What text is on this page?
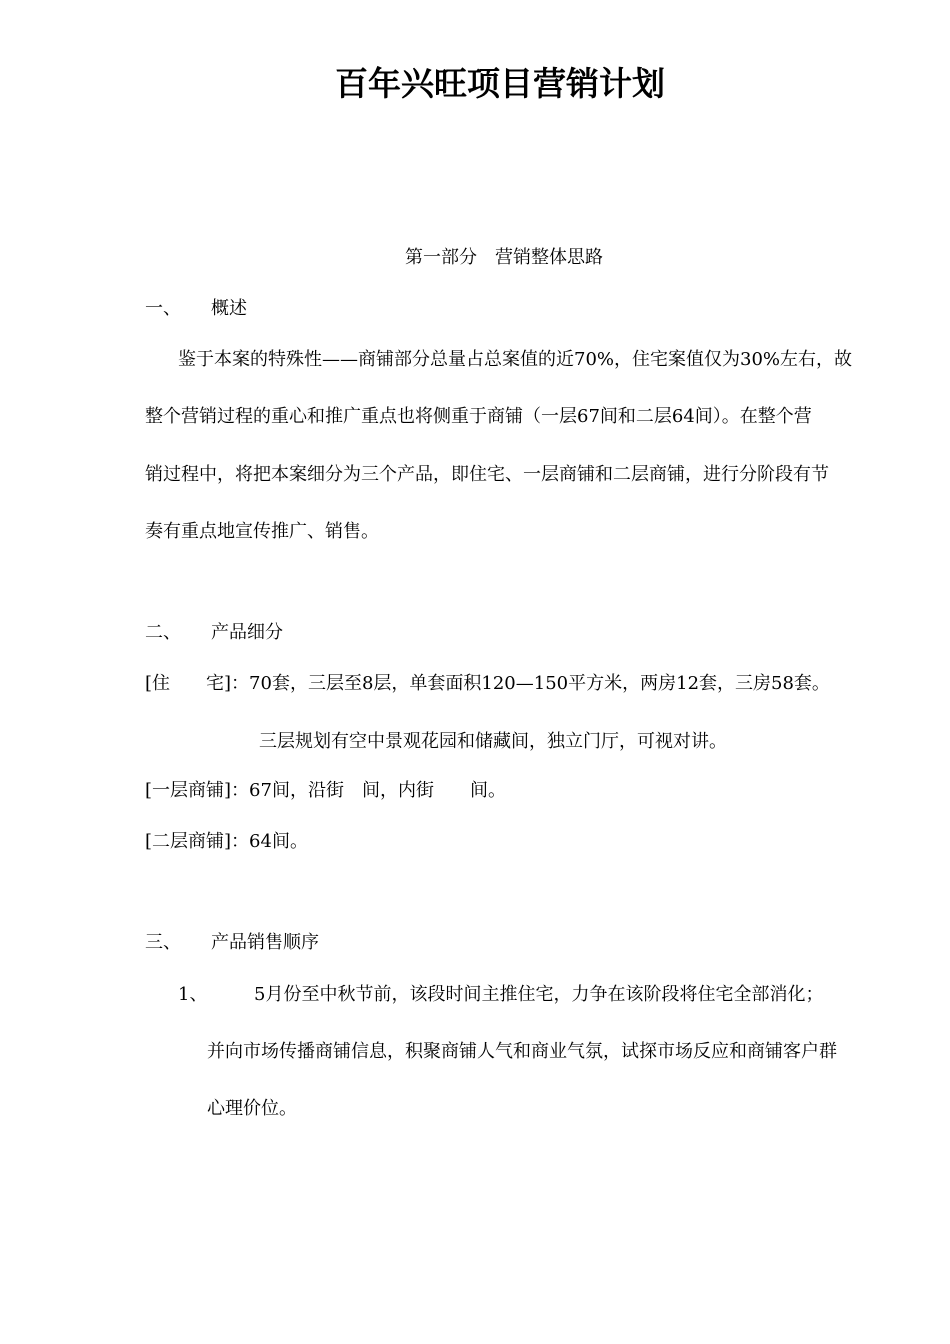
百年兴旺项目营销计划
第一部分　营销整体思路
一、 概述
鉴于本案的特殊性——商铺部分总量占总案值的近70%，住宅案值仅为30%左右，故
整个营销过程的重心和推广重点也将侧重于商铺（一层67间和二层64间）。在整个营
销过程中，将把本案细分为三个产品，即住宅、一层商铺和二层商铺，进行分阶段有节
奏有重点地宣传推广、销售。
二、 产品细分
[住　　宅]：70套，三层至8层，单套面积120—150平方米，两房12套，三房58套。
三层规划有空中景观花园和储藏间，独立门厅，可视对讲。
[一层商铺]：67间，沿街　间，内街　　间。
[二层商铺]：64间。
三、 产品销售顺序
1、	5月份至中秋节前，该段时间主推住宅，力争在该阶段将住宅全部消化；
并向市场传播商铺信息，积聚商铺人气和商业气氛，试探市场反应和商铺客户群
心理价位。
